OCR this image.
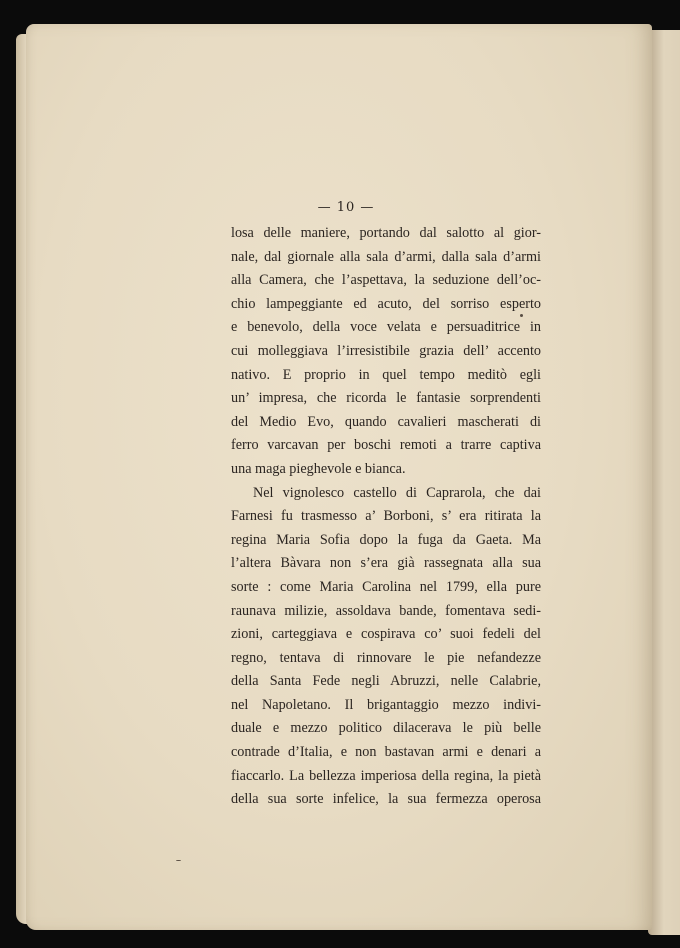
— 10 —
losa delle maniere, portando dal salotto al gior-
nale, dal giornale alla sala d’armi, dalla sala d’armi
alla Camera, che l’aspettava, la seduzione dell’oc-
chio lampeggiante ed acuto, del sorriso esperto
e benevolo, della voce velata e persuaditrice in
cui molleggiava l’irresistibile grazia dell’ accento
nativo. E proprio in quel tempo meditò egli
un’ impresa, che ricorda le fantasie sorprendenti
del Medio Evo, quando cavalieri mascherati di
ferro varcavan per boschi remoti a trarre captiva
una maga pieghevole e bianca.
Nel vignolesco castello di Caprarola, che dai
Farnesi fu trasmesso a’ Borboni, s’ era ritirata la
regina Maria Sofia dopo la fuga da Gaeta. Ma
l’altera Bàvara non s’era già rassegnata alla sua
sorte : come Maria Carolina nel 1799, ella pure
raunava milizie, assoldava bande, fomentava sedi-
zioni, carteggiava e cospirava co’ suoi fedeli del
regno, tentava di rinnovare le pie nefandezze
della Santa Fede negli Abruzzi, nelle Calabrie,
nel Napoletano. Il brigantaggio mezzo indivi-
duale e mezzo politico dilacerava le più belle
contrade d’Italia, e non bastavan armi e denari a
fiaccarlo. La bellezza imperiosa della regina, la pietà
della sua sorte infelice, la sua fermezza operosa
